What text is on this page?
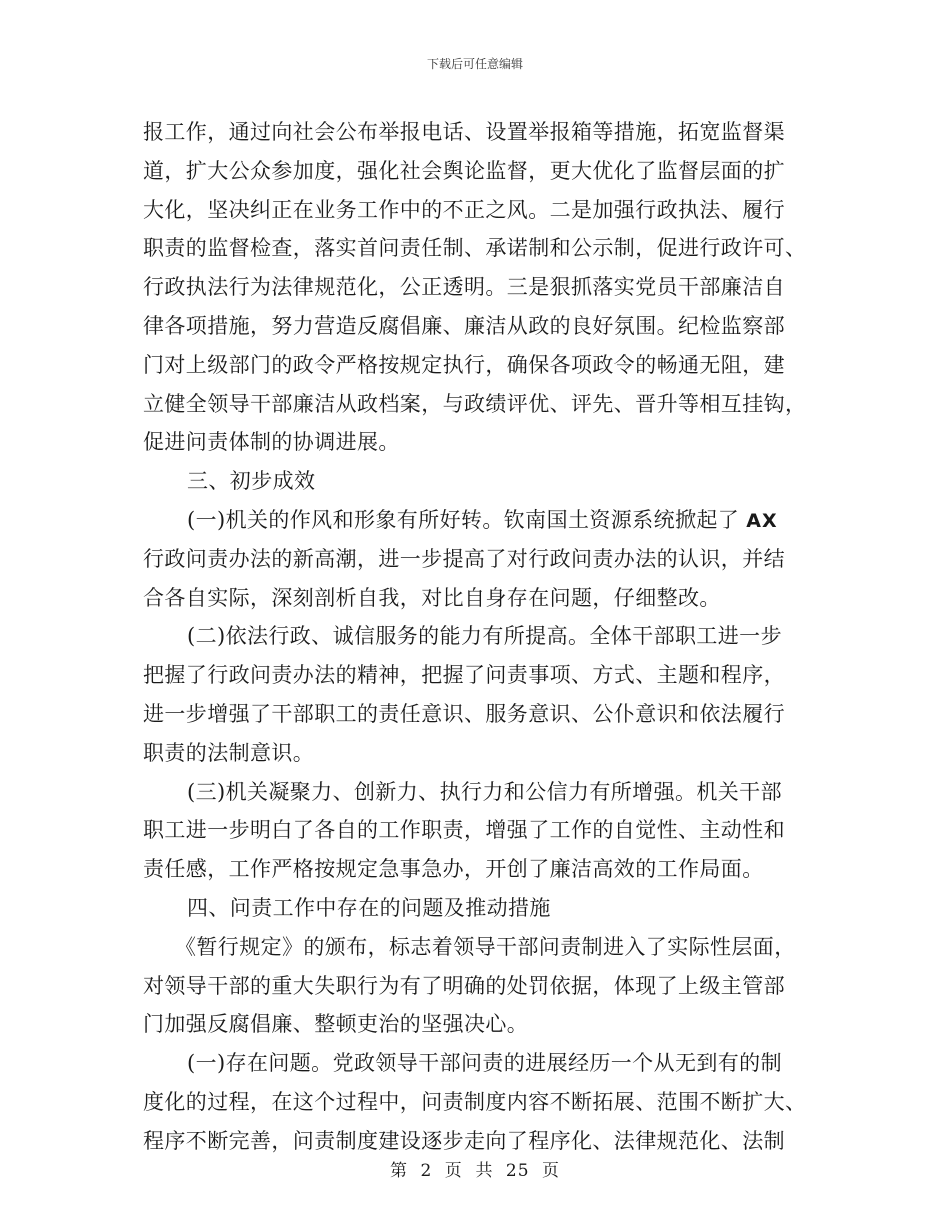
下载后可任意编辑
报工作，通过向社会公布举报电话、设置举报箱等措施，拓宽监督渠
道，扩大公众参加度，强化社会舆论监督，更大优化了监督层面的扩
大化，坚决纠正在业务工作中的不正之风。二是加强行政执法、履行
职责的监督检查，落实首问责任制、承诺制和公示制，促进行政许可、
行政执法行为法律规范化，公正透明。三是狠抓落实党员干部廉洁自
律各项措施，努力营造反腐倡廉、廉洁从政的良好氛围。纪检监察部
门对上级部门的政令严格按规定执行，确保各项政令的畅通无阻，建
立健全领导干部廉洁从政档案，与政绩评优、评先、晋升等相互挂钩，
促进问责体制的协调进展。
三、初步成效
(一)机关的作风和形象有所好转。钦南国土资源系统掀起了 AX
行政问责办法的新高潮，进一步提高了对行政问责办法的认识，并结
合各自实际，深刻剖析自我，对比自身存在问题，仔细整改。
(二)依法行政、诚信服务的能力有所提高。全体干部职工进一步
把握了行政问责办法的精神，把握了问责事项、方式、主题和程序，
进一步增强了干部职工的责任意识、服务意识、公仆意识和依法履行
职责的法制意识。
(三)机关凝聚力、创新力、执行力和公信力有所增强。机关干部
职工进一步明白了各自的工作职责，增强了工作的自觉性、主动性和
责任感，工作严格按规定急事急办，开创了廉洁高效的工作局面。
四、问责工作中存在的问题及推动措施
《暂行规定》的颁布，标志着领导干部问责制进入了实际性层面，
对领导干部的重大失职行为有了明确的处罚依据，体现了上级主管部
门加强反腐倡廉、整顿吏治的坚强决心。
(一)存在问题。党政领导干部问责的进展经历一个从无到有的制
度化的过程，在这个过程中，问责制度内容不断拓展、范围不断扩大、
程序不断完善，问责制度建设逐步走向了程序化、法律规范化、法制
第 2 页  共 25 页
